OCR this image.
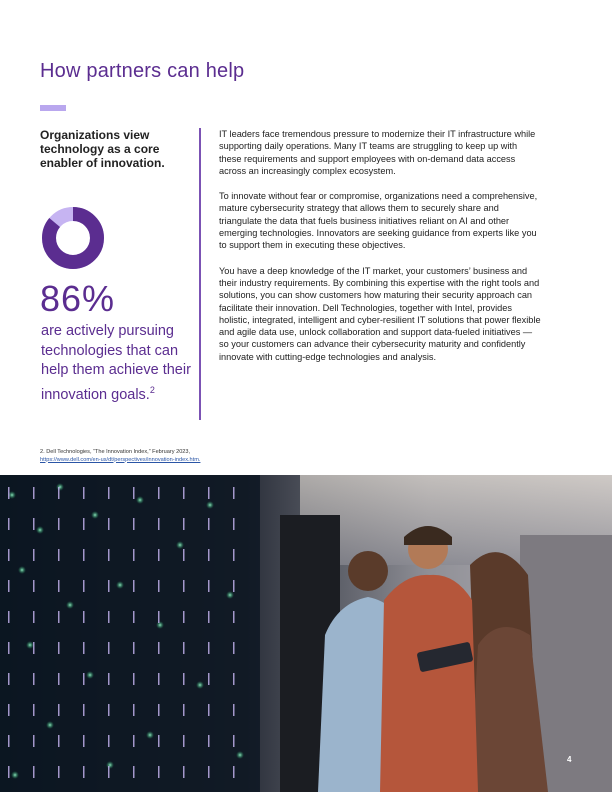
How partners can help
Organizations view technology as a core enabler of innovation.
86%
are actively pursuing technologies that can help them achieve their innovation goals.$^2$

IT leaders face tremendous pressure to modernize their IT infrastructure while supporting daily operations. Many IT teams are struggling to keep up with these requirements and support employees with on-demand data access across an increasingly complex ecosystem.

To innovate without fear or compromise, organizations need a comprehensive, mature cybersecurity strategy that allows them to securely share and triangulate the data that fuels business initiatives reliant on AI and other emerging technologies. Innovators are seeking guidance from experts like you to support them in executing these objectives.

You have a deep knowledge of the IT market, your customers’ business and their industry requirements. By combining this expertise with the right tools and solutions, you can show customers how maturing their security approach can facilitate their innovation. Dell Technologies, together with Intel, provides holistic, integrated, intelligent and cyber-resilient IT solutions that power flexible and agile data use, unlock collaboration and support data-fueled initiatives — so your customers can advance their cybersecurity maturity and confidently innovate with cutting-edge technologies and analysis.

2. Dell Technologies, “The Innovation Index,” February 2023,
https://www.dell.com/en-us/dt/perspectives/innovation-index.htm.
4
